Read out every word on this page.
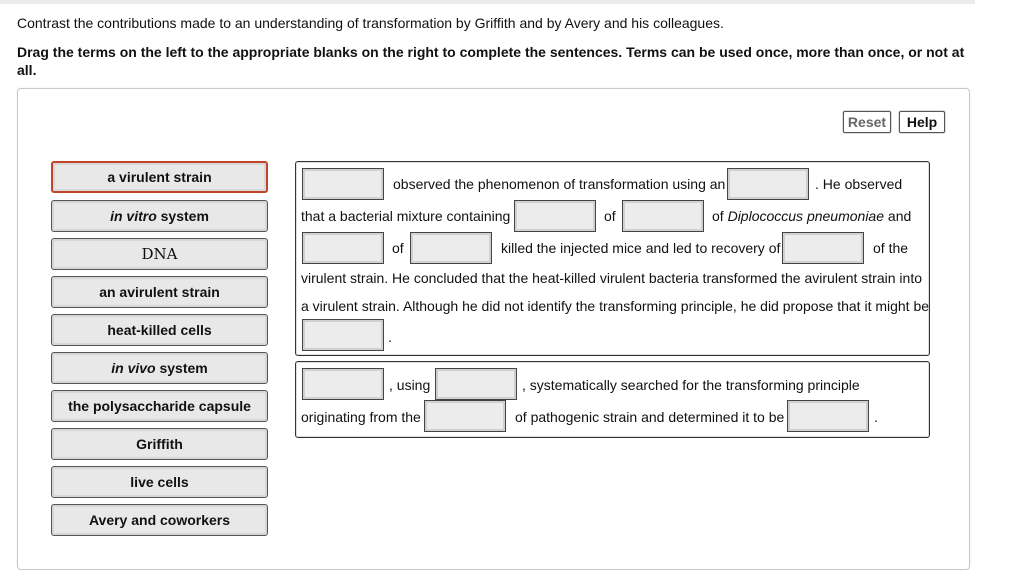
Contrast the contributions made to an understanding of transformation by Griffith and by Avery and his colleagues.
Drag the terms on the left to the appropriate blanks on the right to complete the sentences. Terms can be used once, more than once, or not at all.
Reset	Help
a virulent strain
in vitro
system
DNA
an avirulent strain
heat-killed cells
in vivo
system
the polysaccharide capsule
Griffith
live cells
Avery and coworkers
observed the phenomenon of transformation using an	. He observed
that a bacterial mixture containing	of	of Diplococcus pneumoniae and
of	killed the injected mice and led to recovery of	of the
virulent strain. He concluded that the heat-killed virulent bacteria transformed the avirulent strain into
a virulent strain. Although he did not identify the transforming principle, he did propose that it might be
.
, using	, systematically searched for the transforming principle
originating from the	of pathogenic strain and determined it to be	.
